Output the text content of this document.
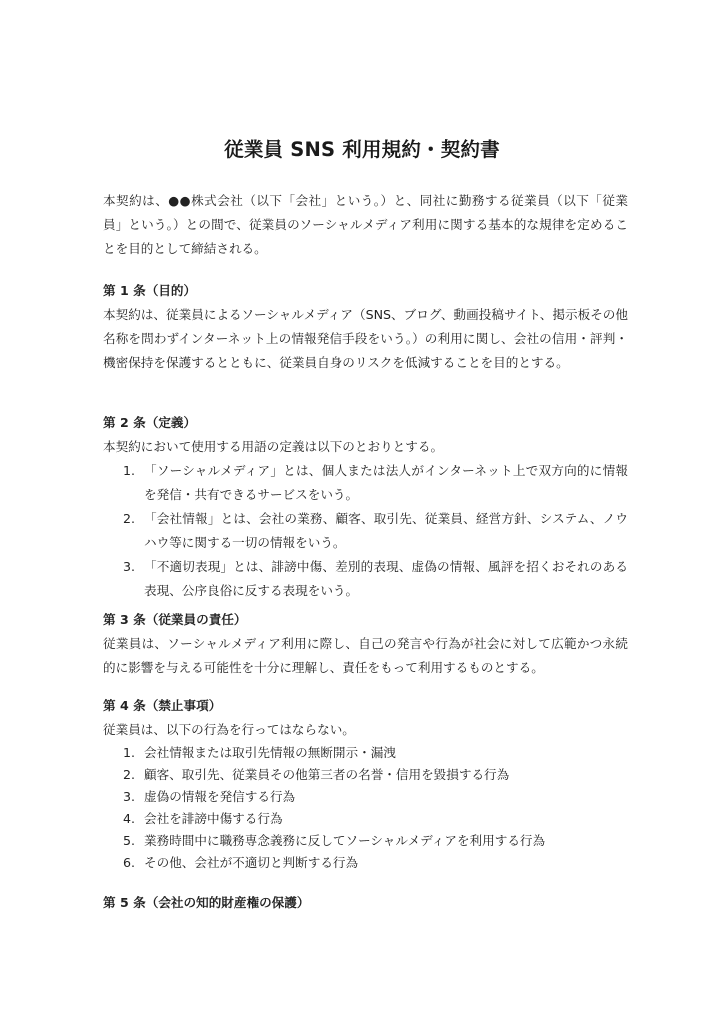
従業員 SNS 利用規約・契約書

本契約は、●●株式会社（以下「会社」という。）と、同社に勤務する従業員（以下「従業員」という。）との間で、従業員のソーシャルメディア利用に関する基本的な規律を定めることを目的として締結される。

第 1 条（目的）

本契約は、従業員によるソーシャルメディア（SNS、ブログ、動画投稿サイト、掲示板その他名称を問わずインターネット上の情報発信手段をいう。）の利用に関し、会社の信用・評判・機密保持を保護するとともに、従業員自身のリスクを低減することを目的とする。

第 2 条（定義）

本契約において使用する用語の定義は以下のとおりとする。

1. 「ソーシャルメディア」とは、個人または法人がインターネット上で双方向的に情報を発信・共有できるサービスをいう。
2. 「会社情報」とは、会社の業務、顧客、取引先、従業員、経営方針、システム、ノウハウ等に関する一切の情報をいう。
3. 「不適切表現」とは、誹謗中傷、差別的表現、虚偽の情報、風評を招くおそれのある表現、公序良俗に反する表現をいう。

第 3 条（従業員の責任）

従業員は、ソーシャルメディア利用に際し、自己の発言や行為が社会に対して広範かつ永続的に影響を与える可能性を十分に理解し、責任をもって利用するものとする。

第 4 条（禁止事項）

従業員は、以下の行為を行ってはならない。

1. 会社情報または取引先情報の無断開示・漏洩
2. 顧客、取引先、従業員その他第三者の名誉・信用を毀損する行為
3. 虚偽の情報を発信する行為
4. 会社を誹謗中傷する行為
5. 業務時間中に職務専念義務に反してソーシャルメディアを利用する行為
6. その他、会社が不適切と判断する行為

第 5 条（会社の知的財産権の保護）
